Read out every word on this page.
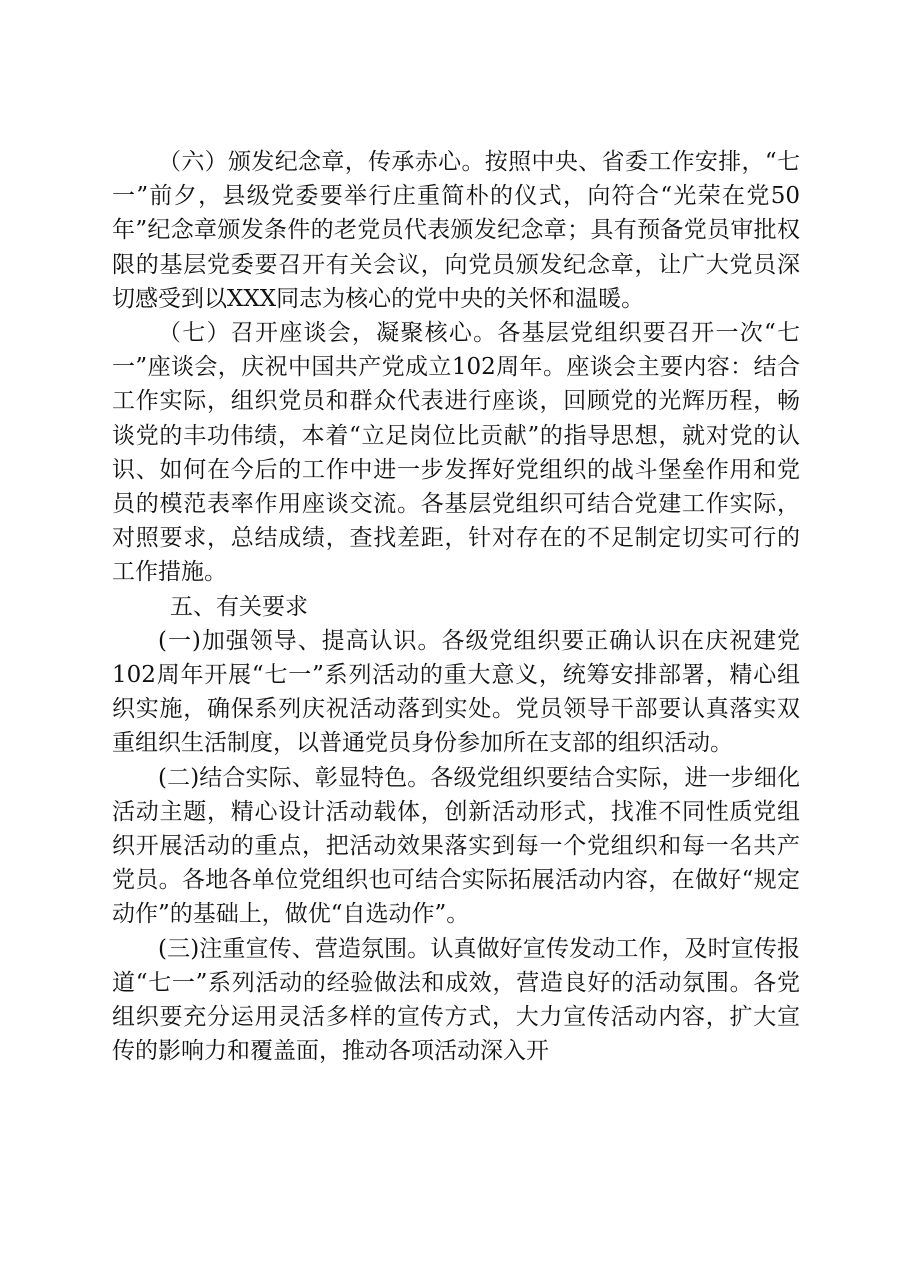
（六）颁发纪念章，传承赤心。按照中央、省委工作安排，“七一”前夕，县级党委要举行庄重简朴的仪式，向符合“光荣在党50年”纪念章颁发条件的老党员代表颁发纪念章；具有预备党员审批权限的基层党委要召开有关会议，向党员颁发纪念章，让广大党员深切感受到以XXX同志为核心的党中央的关怀和温暖。

（七）召开座谈会，凝聚核心。各基层党组织要召开一次“七一”座谈会，庆祝中国共产党成立102周年。座谈会主要内容：结合工作实际，组织党员和群众代表进行座谈，回顾党的光辉历程，畅谈党的丰功伟绩，本着“立足岗位比贡献”的指导思想，就对党的认识、如何在今后的工作中进一步发挥好党组织的战斗堡垒作用和党员的模范表率作用座谈交流。各基层党组织可结合党建工作实际，对照要求，总结成绩，查找差距，针对存在的不足制定切实可行的工作措施。

五、有关要求

(一)加强领导、提高认识。各级党组织要正确认识在庆祝建党102周年开展“七一”系列活动的重大意义，统筹安排部署，精心组织实施，确保系列庆祝活动落到实处。党员领导干部要认真落实双重组织生活制度，以普通党员身份参加所在支部的组织活动。

(二)结合实际、彰显特色。各级党组织要结合实际，进一步细化活动主题，精心设计活动载体，创新活动形式，找准不同性质党组织开展活动的重点，把活动效果落实到每一个党组织和每一名共产党员。各地各单位党组织也可结合实际拓展活动内容，在做好“规定动作”的基础上，做优“自选动作”。

(三)注重宣传、营造氛围。认真做好宣传发动工作，及时宣传报道“七一”系列活动的经验做法和成效，营造良好的活动氛围。各党组织要充分运用灵活多样的宣传方式，大力宣传活动内容，扩大宣传的影响力和覆盖面，推动各项活动深入开
